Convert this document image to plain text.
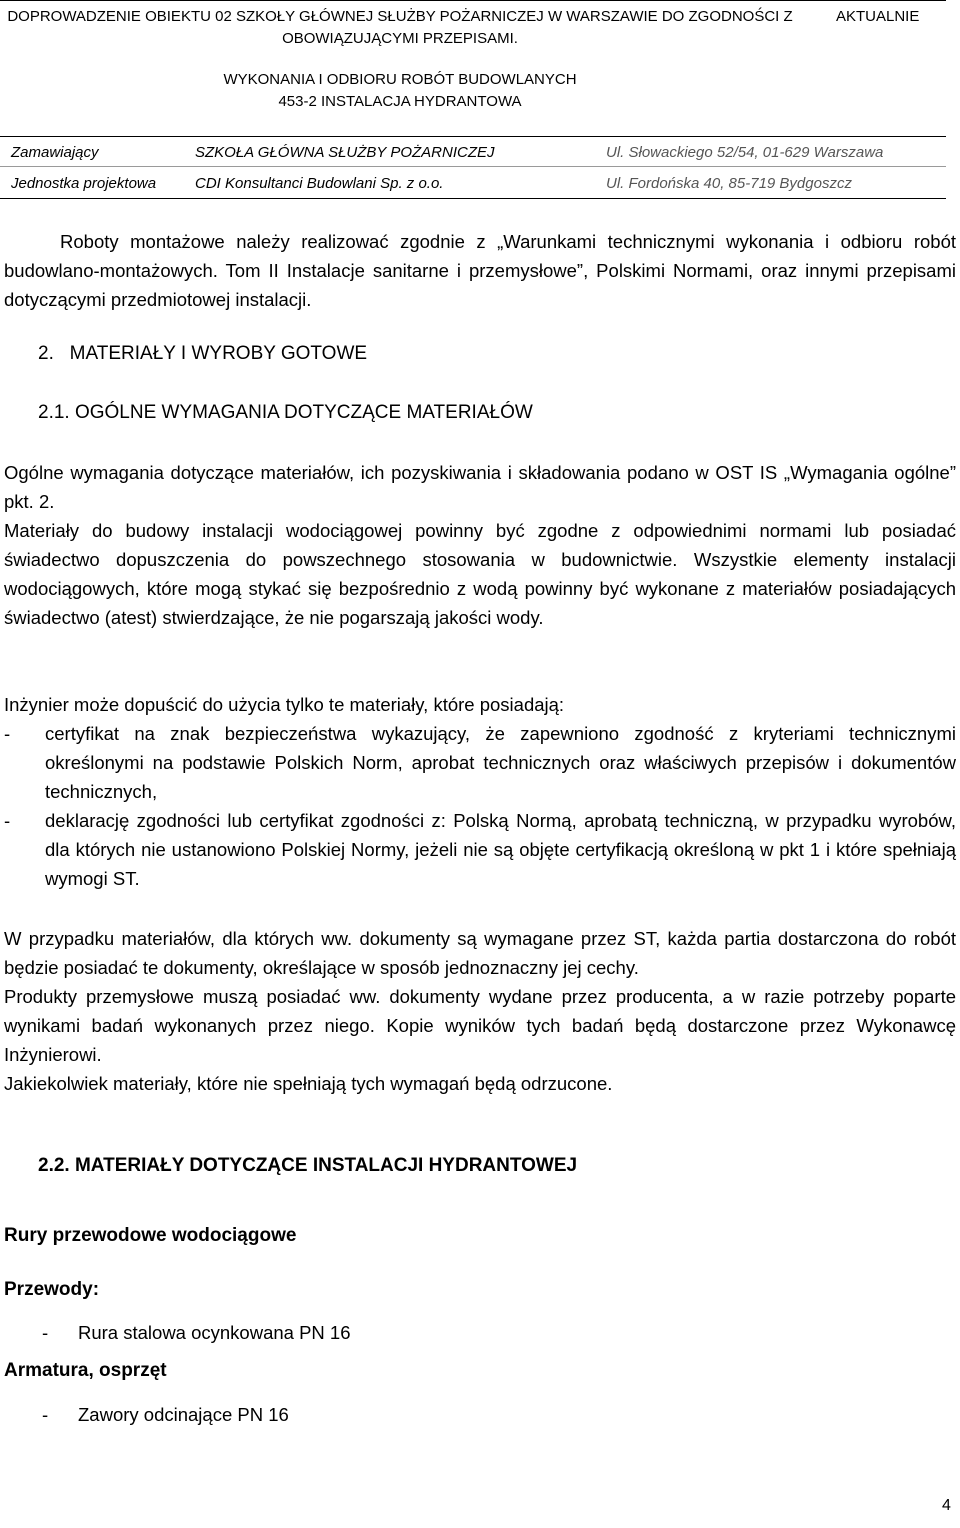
DOPROWADZENIE OBIEKTU 02 SZKOŁY GŁÓWNEJ SŁUŻBY POŻARNICZEJ W WARSZAWIE DO ZGODNOŚCI Z
OBOWIĄZUJĄCYMI PRZEPISAMI.
AKTUALNIE
WYKONANIA I ODBIORU ROBÓT BUDOWLANYCH
453-2 INSTALACJA HYDRANTOWA
Zamawiający	SZKOŁA GŁÓWNA SŁUŻBY POŻARNICZEJ	Ul. Słowackiego 52/54, 01-629 Warszawa
Jednostka projektowa	CDI Konsultanci Budowlani Sp. z o.o.	Ul. Fordońska 40, 85-719 Bydgoszcz
Roboty montażowe należy realizować zgodnie z „Warunkami technicznymi wykonania i odbioru robót budowlano-montażowych. Tom II Instalacje sanitarne i przemysłowe”, Polskimi Normami, oraz innymi przepisami dotyczącymi przedmiotowej instalacji.
2.   MATERIAŁY I WYROBY GOTOWE
2.1. OGÓLNE WYMAGANIA DOTYCZĄCE MATERIAŁÓW
Ogólne wymagania dotyczące materiałów, ich pozyskiwania i składowania podano w OST IS „Wymagania ogólne” pkt. 2.
Materiały do budowy instalacji wodociągowej powinny być zgodne z odpowiednimi normami lub posiadać świadectwo dopuszczenia do powszechnego stosowania w budownictwie. Wszystkie elementy instalacji wodociągowych, które mogą stykać się bezpośrednio z wodą powinny być wykonane z materiałów posiadających świadectwo (atest) stwierdzające, że nie pogarszają jakości wody.
Inżynier może dopuścić do użycia tylko te materiały, które posiadają:
- certyfikat na znak bezpieczeństwa wykazujący, że zapewniono zgodność z kryteriami technicznymi określonymi na podstawie Polskich Norm, aprobat technicznych oraz właściwych przepisów i dokumentów technicznych,
- deklarację zgodności lub certyfikat zgodności z: Polską Normą, aprobatą techniczną, w przypadku wyrobów, dla których nie ustanowiono Polskiej Normy, jeżeli nie są objęte certyfikacją określoną w pkt 1 i które spełniają wymogi ST.
W przypadku materiałów, dla których ww. dokumenty są wymagane przez ST, każda partia dostarczona do robót będzie posiadać te dokumenty, określające w sposób jednoznaczny jej cechy.
Produkty przemysłowe muszą posiadać ww. dokumenty wydane przez producenta, a w razie potrzeby poparte wynikami badań wykonanych przez niego. Kopie wyników tych badań będą dostarczone przez Wykonawcę Inżynierowi.
Jakiekolwiek materiały, które nie spełniają tych wymagań będą odrzucone.
2.2. MATERIAŁY DOTYCZĄCE INSTALACJI HYDRANTOWEJ
Rury przewodowe wodociągowe
Przewody:
- Rura stalowa ocynkowana PN 16
Armatura, osprzęt
- Zawory odcinające PN 16
4
